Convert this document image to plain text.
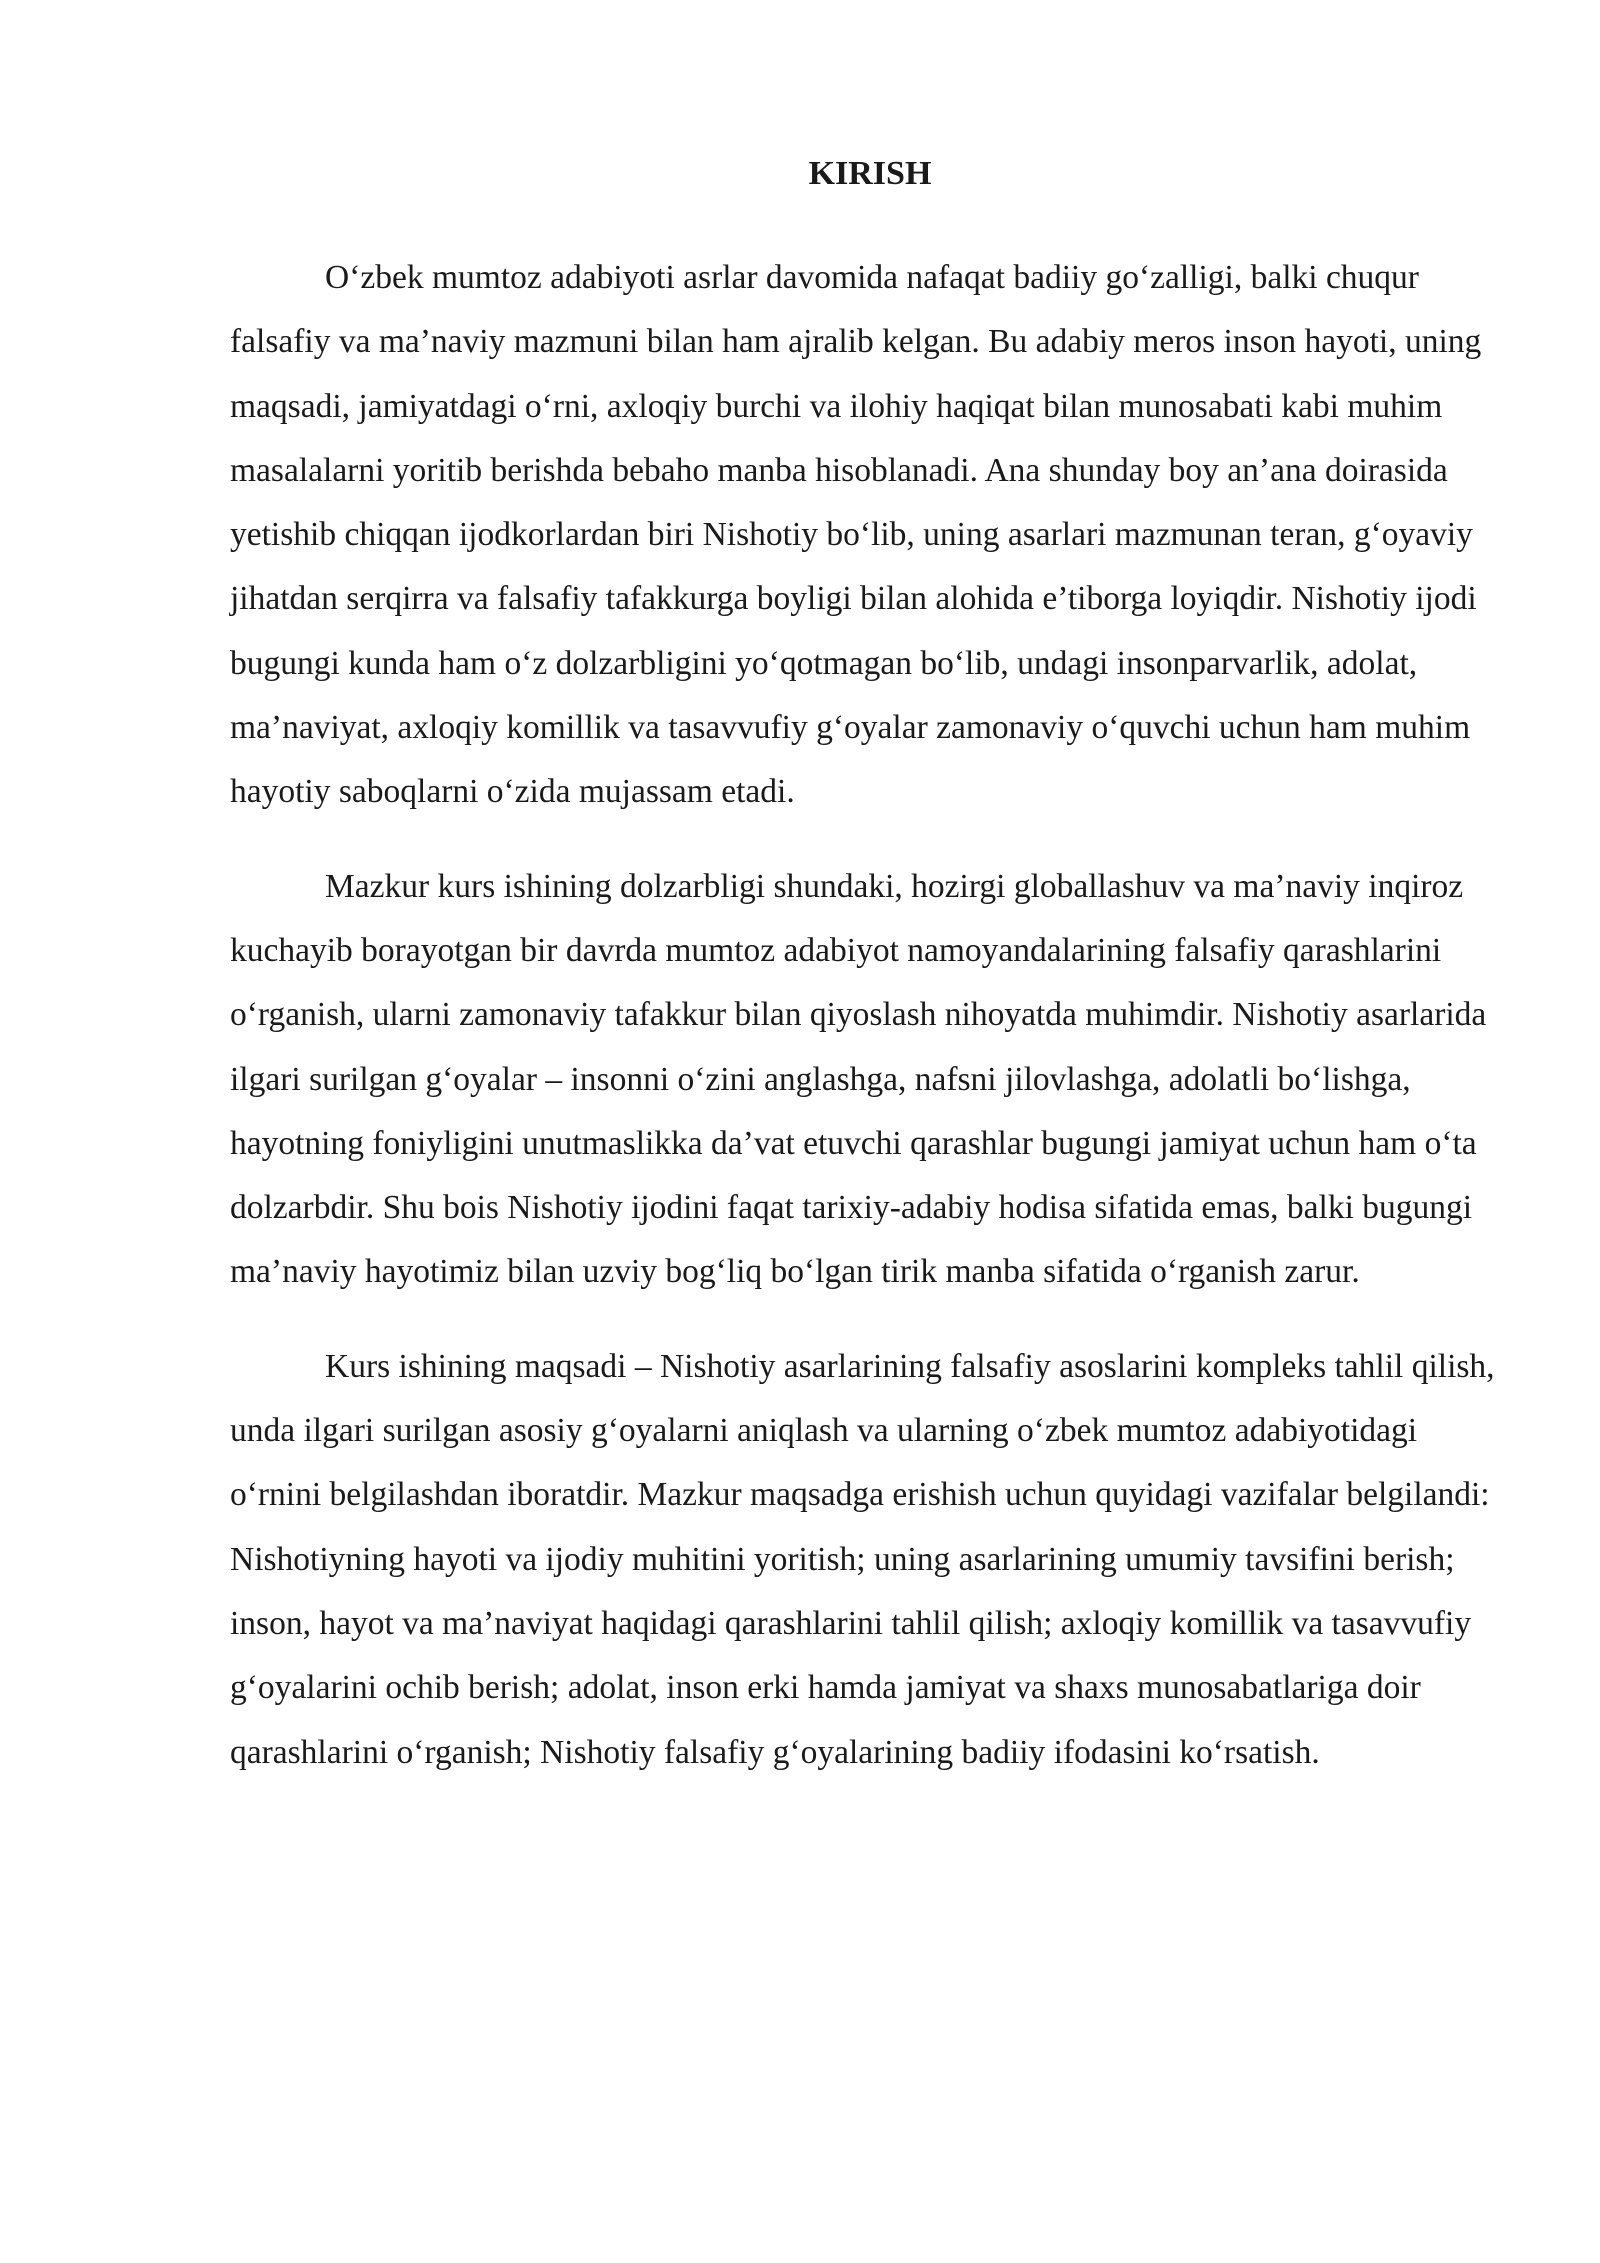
KIRISH

O‘zbek mumtoz adabiyoti asrlar davomida nafaqat badiiy go‘zalligi, balki chuqur falsafiy va ma’naviy mazmuni bilan ham ajralib kelgan. Bu adabiy meros inson hayoti, uning maqsadi, jamiyatdagi o‘rni, axloqiy burchi va ilohiy haqiqat bilan munosabati kabi muhim masalalarni yoritib berishda bebaho manba hisoblanadi. Ana shunday boy an’ana doirasida yetishib chiqqan ijodkorlardan biri Nishotiy bo‘lib, uning asarlari mazmunan teran, g‘oyaviy jihatdan serqirra va falsafiy tafakkurga boyligi bilan alohida e’tiborga loyiqdir. Nishotiy ijodi bugungi kunda ham o‘z dolzarbligini yo‘qotmagan bo‘lib, undagi insonparvarlik, adolat, ma’naviyat, axloqiy komillik va tasavvufiy g‘oyalar zamonaviy o‘quvchi uchun ham muhim hayotiy saboqlarni o‘zida mujassam etadi.

Mazkur kurs ishining dolzarbligi shundaki, hozirgi globallashuv va ma’naviy inqiroz kuchayib borayotgan bir davrda mumtoz adabiyot namoyandalarining falsafiy qarashlarini o‘rganish, ularni zamonaviy tafakkur bilan qiyoslash nihoyatda muhimdir. Nishotiy asarlarida ilgari surilgan g‘oyalar – insonni o‘zini anglashga, nafsni jilovlashga, adolatli bo‘lishga, hayotning foniyligini unutmaslikka da’vat etuvchi qarashlar bugungi jamiyat uchun ham o‘ta dolzarbdir. Shu bois Nishotiy ijodini faqat tarixiy-adabiy hodisa sifatida emas, balki bugungi ma’naviy hayotimiz bilan uzviy bog‘liq bo‘lgan tirik manba sifatida o‘rganish zarur.

Kurs ishining maqsadi – Nishotiy asarlarining falsafiy asoslarini kompleks tahlil qilish, unda ilgari surilgan asosiy g‘oyalarni aniqlash va ularning o‘zbek mumtoz adabiyotidagi o‘rnini belgilashdan iboratdir. Mazkur maqsadga erishish uchun quyidagi vazifalar belgilandi: Nishotiyning hayoti va ijodiy muhitini yoritish; uning asarlarining umumiy tavsifini berish; inson, hayot va ma’naviyat haqidagi qarashlarini tahlil qilish; axloqiy komillik va tasavvufiy g‘oyalarini ochib berish; adolat, inson erki hamda jamiyat va shaxs munosabatlariga doir qarashlarini o‘rganish; Nishotiy falsafiy g‘oyalarining badiiy ifodasini ko‘rsatish.
